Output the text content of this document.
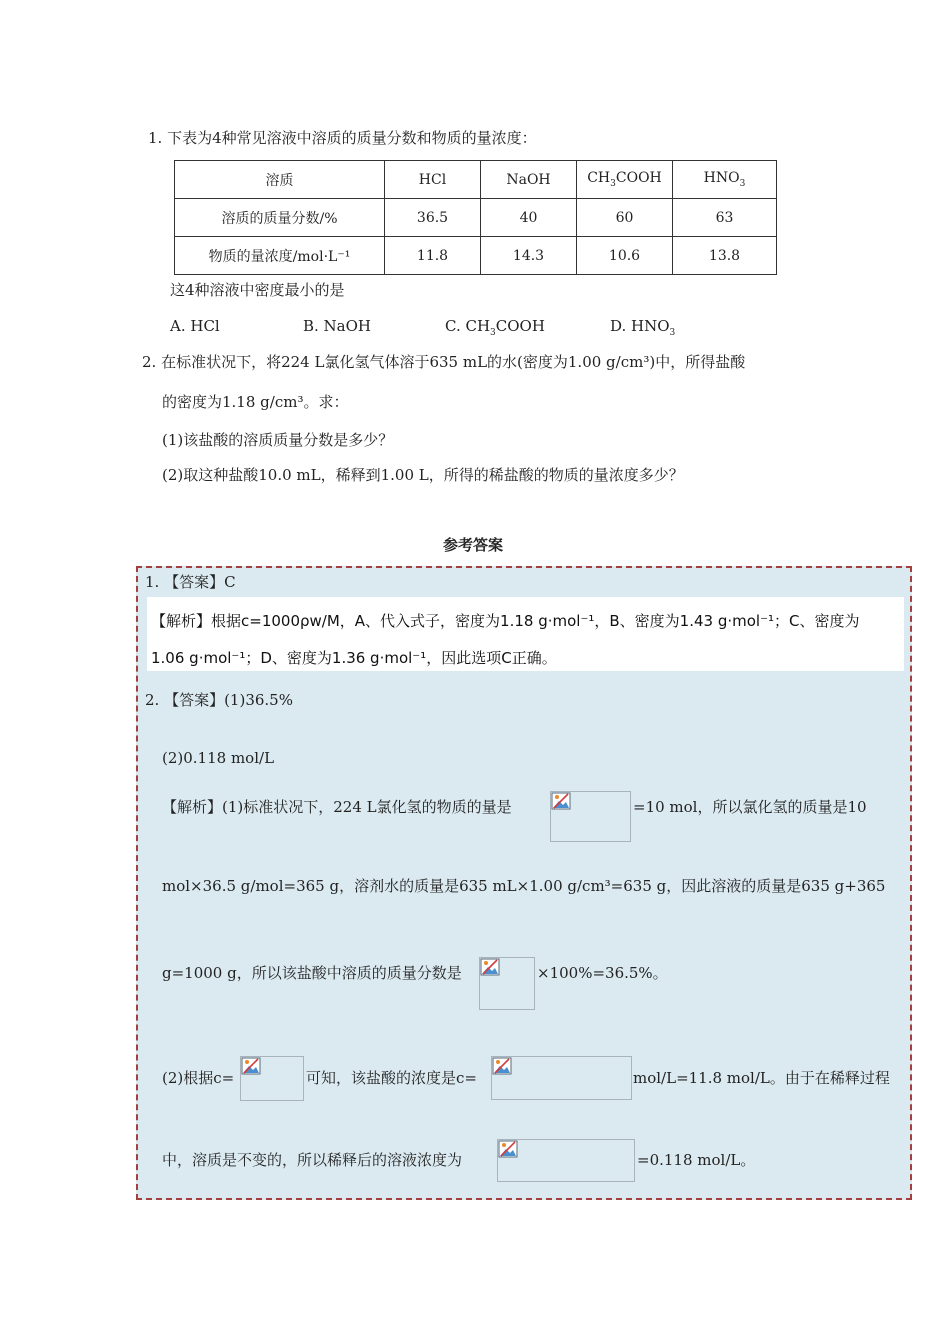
1. 下表为4种常见溶液中溶质的质量分数和物质的量浓度：
溶质	HCl	NaOH	$CH_3COOH$	$HNO_3$
溶质的质量分数/%	36.5	40	60	63
物质的量浓度/mol·L⁻¹	11.8	14.3	10.6	13.8
这4种溶液中密度最小的是
A. HCl	B. NaOH	C. $CH_3COOH$	D. $HNO_3$
2. 在标准状况下，将224 L氯化氢气体溶于635 mL的水(密度为1.00 g/cm³)中，所得盐酸
的密度为1.18 g/cm³。求：
(1)该盐酸的溶质质量分数是多少？
(2)取这种盐酸10.0 mL，稀释到1.00 L，所得的稀盐酸的物质的量浓度多少？
参考答案
1. 【答案】C
【解析】根据c=1000ρw/M，A、代入式子，密度为1.18 g·mol⁻¹，B、密度为1.43 g·mol⁻¹；C、密度为
1.06 g·mol⁻¹；D、密度为1.36 g·mol⁻¹，因此选项C正确。
2. 【答案】(1)36.5%
(2)0.118 mol/L
【解析】(1)标准状况下，224 L氯化氢的物质的量是	=10 mol，所以氯化氢的质量是10
mol×36.5 g/mol=365 g，溶剂水的质量是635 mL×1.00 g/cm³=635 g，因此溶液的质量是635 g+365
g=1000 g，所以该盐酸中溶质的质量分数是	×100%=36.5%。
(2)根据c=	可知，该盐酸的浓度是c=	mol/L=11.8 mol/L。由于在稀释过程
中，溶质是不变的，所以稀释后的溶液浓度为	=0.118 mol/L。
